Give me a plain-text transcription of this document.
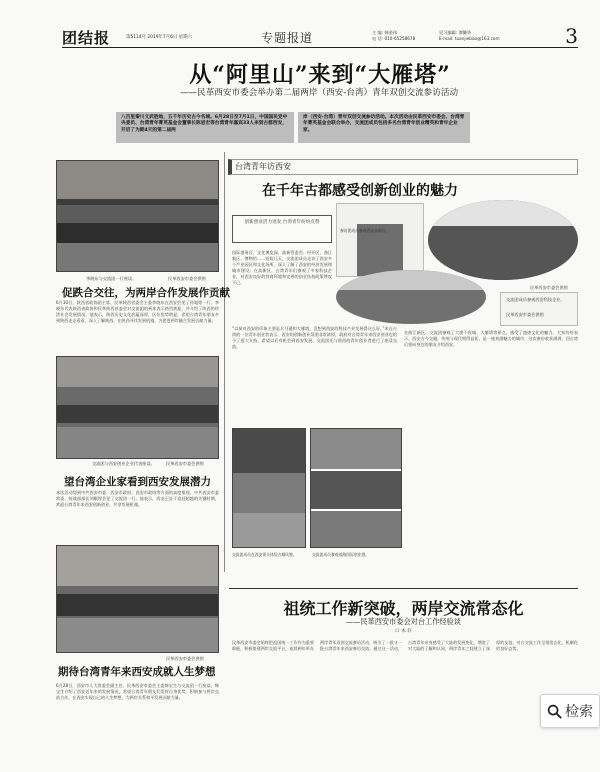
团结报	第5114号 2019年7月6日 星期六	专题报道	主 编: 韩金伟
电 话: 010-65258678
见习编辑: 谭馨华
E-mail: tuanjiebao@163.com	3
从“阿里山”来到“大雁塔”
——民革西安市委会举办第二届两岸（西安-台湾）青年双创交流参访活动
八百里秦川文武胜地，五千年历史古今名城。6月28日至7月1日，中国国民党中央委员、台湾青年菁英基金会董事长陈思宏等台湾青年嘉宾33人来到古都西安，开启了为期4天的第二届两
岸（西安-台湾）青年双创交流参访活动。本次活动由民革西安市委会、台湾青年菁英基金会联合举办，交流团成员包括多名台湾青年创业精英和青年企业家。
李晓东与交流团一行座谈。	民革西安市委会供图
促跌合交往，为两岸合作发展作贡献
6月30日，陕西省政协副主席、民革陕西省委会主委李晓东在西安会见了孙胤铭一行。李晓东代表陕西省政协和民革陕西省委会对交流团的到来表示热烈欢迎，并介绍了陕西的经济社会发展情况。他表示，陕西历史文化底蕴深厚，区位优势明显，希望台湾青年朋友多到陕西走走看看，深入了解陕西，在陕西寻找发展机遇，为促进两岸融合发展贡献力量。
交流团与西安创业企业代表座谈。	民革西安市委会供图
望台湾企业家看到西安发展潜力
本次活动得到中共西安市委、西安市政府、西安市政协等方面的高度重视。中共西安市委常委、统战部部长刘顺智会见了交流团一行。他表示，西安正处于追赶超越的关键时期，欢迎台湾青年来西安创新创业，共享发展机遇。
民革西安市委会供图
期待台湾青年来西安成就人生梦想
6月28日，西安市人大常委会副主任、民革西安市委会主委韩宝生与交流团一行座谈。韩宝生介绍了西安近年来的发展情况，希望台湾青年朋友们发挥自身优势，积极参与两岸交流合作，在西安实现自己的人生梦想，为两岸关系和平发展贡献力量。
台湾青年访西安
在千年古都感受创新创业的魅力
创新创业活力迸发 台湾青年纷纷点赞
国际港务区、文化博览园、高新管委会、经开区、曲江新区、博物馆……短短几天，交流团成员走访了西安多个产业园区和文化场所，深入了解了西安的经济发展和城市建设。在高新区，台湾青年们参观了多家科技企业，对西安良好的营商环境和完善的创业扶持政策赞叹不已。
参访团成员参观西安高新区。
民革西安市委会供图
交流团成员参观西安科技企业。
民革西安市委会供图
“以前对西安的印象主要是兵马俑和大雁塔，没想到西安的科技产业发展得这么好。”来自台湾的一位青年创业者表示，西安的创新创业氛围非常浓厚，政府对台湾青年来西安创业也给予了很大支持，希望以后有机会到西安发展。交流团还与陕西的青年创业者进行了座谈交流。
在曲江新区，交流团参观了大唐不夜城、大雁塔等景点，感受了盛唐文化的魅力。大家纷纷表示，西安古今交融，传统与现代相得益彰，是一座充满魅力的城市，这次参访收获满满，回台湾后要向身边的朋友介绍西安。
交流团成员在西安街头体验古城风貌。	交流团成员参观丝路国际创业港。
祖统工作新突破，两岸交流常态化
——民革西安市委会对台工作经验谈
口 本 轩
民革西安市委会始终把祖国统一工作作为重要职能，积极搭建两岸交流平台，连续两年举办两岸青年双创交流参访活动，吸引了一批又一批台湾青年来西安参访交流。通过这一活动，台湾青年亲身感受了大陆的发展变化，增进了对大陆的了解和认同，两岸青年之间建立了深厚的友谊，对台交流工作呈现常态化、机制化的良好态势。
检索
